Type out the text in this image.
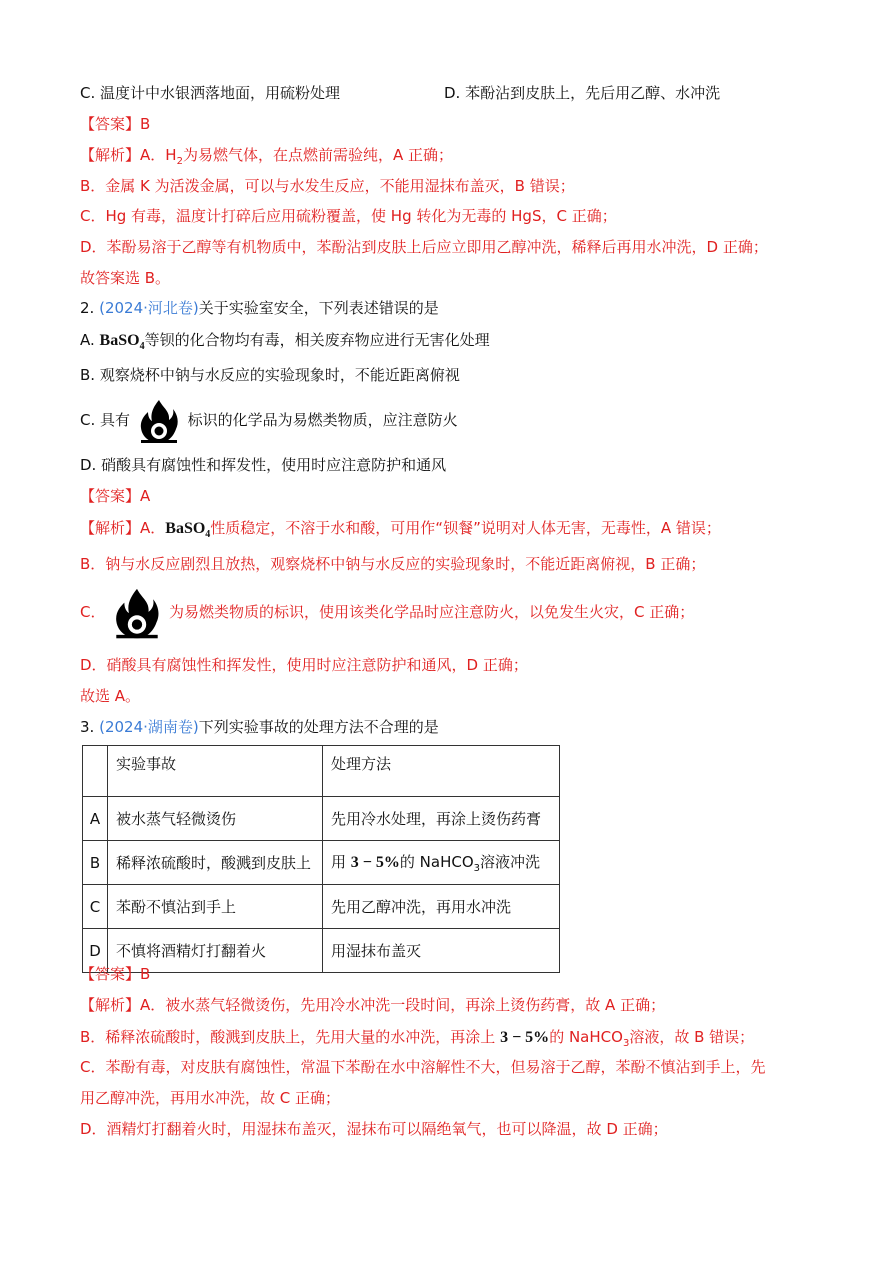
C. 温度计中水银洒落地面，用硫粉处理	D. 苯酚沾到皮肤上，先后用乙醇、水冲洗
【答案】B
【解析】A．$H_2$为易燃气体，在点燃前需验纯，A 正确；
B．金属 K 为活泼金属，可以与水发生反应，不能用湿抹布盖灭，B 错误；
C．Hg 有毒，温度计打碎后应用硫粉覆盖，使 Hg 转化为无毒的 HgS，C 正确；
D．苯酚易溶于乙醇等有机物质中，苯酚沾到皮肤上后应立即用乙醇冲洗，稀释后再用水冲洗，D 正确；
故答案选 B。
2. (2024·河北卷)关于实验室安全，下列表述错误的是
A. BaSO$_4$等钡的化合物均有毒，相关废弃物应进行无害化处理
B. 观察烧杯中钠与水反应的实验现象时，不能近距离俯视
C. 具有	标识的化学品为易燃类物质，应注意防火
D. 硝酸具有腐蚀性和挥发性，使用时应注意防护和通风
【答案】A
【解析】A．BaSO$_4$性质稳定，不溶于水和酸，可用作“钡餐”说明对人体无害，无毒性，A 错误；
B．钠与水反应剧烈且放热，观察烧杯中钠与水反应的实验现象时，不能近距离俯视，B 正确；
C．	为易燃类物质的标识，使用该类化学品时应注意防火，以免发生火灾，C 正确；
D．硝酸具有腐蚀性和挥发性，使用时应注意防护和通风，D 正确；
故选 A。
3. (2024·湖南卷)下列实验事故的处理方法不合理的是
	实验事故	处理方法
A	被水蒸气轻微烫伤	先用冷水处理，再涂上烫伤药膏
B	稀释浓硫酸时，酸溅到皮肤上	用 3 − 5%的 NaHCO$_3$溶液冲洗
C	苯酚不慎沾到手上	先用乙醇冲洗，再用水冲洗
D	不慎将酒精灯打翻着火	用湿抹布盖灭
【答案】B
【解析】A．被水蒸气轻微烫伤，先用冷水冲洗一段时间，再涂上烫伤药膏，故 A 正确；
B．稀释浓硫酸时，酸溅到皮肤上，先用大量的水冲洗，再涂上 3 − 5%的 NaHCO$_3$溶液，故 B 错误；
C．苯酚有毒，对皮肤有腐蚀性，常温下苯酚在水中溶解性不大，但易溶于乙醇，苯酚不慎沾到手上，先
用乙醇冲洗，再用水冲洗，故 C 正确；
D．酒精灯打翻着火时，用湿抹布盖灭，湿抹布可以隔绝氧气，也可以降温，故 D 正确；
